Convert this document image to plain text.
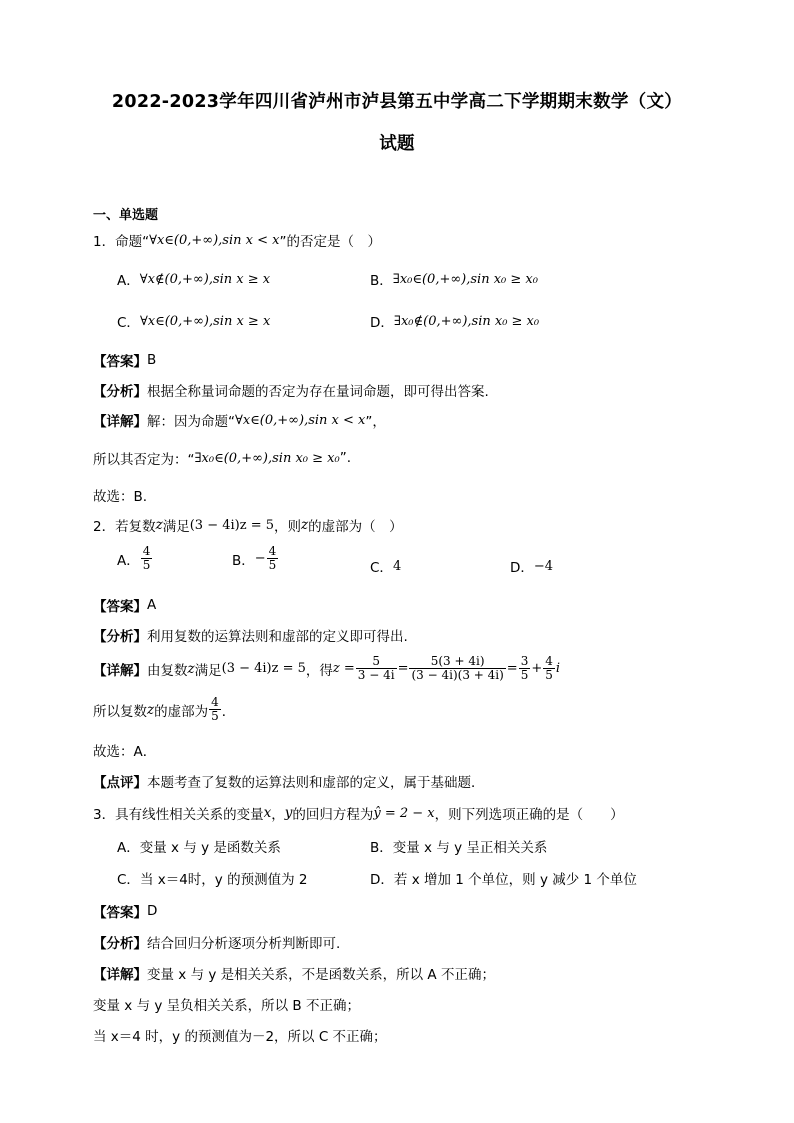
2022-2023学年四川省泸州市泸县第五中学高二下学期期末数学（文）
试题
一、单选题
1． 命题“ ∀x∈(0,+∞),sin x < x ”的否定是（　）
A． ∀x∉(0,+∞),sin x ≥ x	B． ∃x₀∈(0,+∞),sin x₀ ≥ x₀
C． ∀x∈(0,+∞),sin x ≥ x	D． ∃x₀∉(0,+∞),sin x₀ ≥ x₀
【答案】 B
【分析】 根据全称量词命题的否定为存在量词命题，即可得出答案.
【详解】 解：因为命题“ ∀x∈(0,+∞),sin x < x ”，
所以其否定为：“ ∃x₀∈(0,+∞),sin x₀ ≥ x₀ ”.
故选：B.
2． 若复数 z 满足 (3 − 4i)z = 5 ，则 z 的虚部为（　）
A． $\frac{4}{5}$	B． − $\frac{4}{5}$	C． 4	D． −4
【答案】 A
【分析】 利用复数的运算法则和虚部的定义即可得出.
【详解】 由复数 z 满足 (3 − 4i)z = 5 ，得 $z = \frac{5}{3 - 4i} = \frac{5(3 + 4i)}{(3 - 4i)(3 + 4i)} = \frac{3}{5} + \frac{4}{5}$ i
所以复数 z 的虚部为 $\frac{4}{5}$ ．
故选：A．
【点评】 本题考查了复数的运算法则和虚部的定义，属于基础题．
3． 具有线性相关关系的变量 x ， y 的回归方程为 ŷ = 2 − x ，则下列选项正确的是（　　）
A．变量 x 与 y 是函数关系	B．变量 x 与 y 呈正相关关系
C．当 x＝4时，y 的预测值为 2	D．若 x 增加 1 个单位，则 y 减少 1 个单位
【答案】 D
【分析】 结合回归分析逐项分析判断即可.
【详解】 变量 x 与 y 是相关关系，不是函数关系，所以 A 不正确；
变量 x 与 y 呈负相关关系，所以 B 不正确；
当 x＝4 时，y 的预测值为－2，所以 C 不正确；
